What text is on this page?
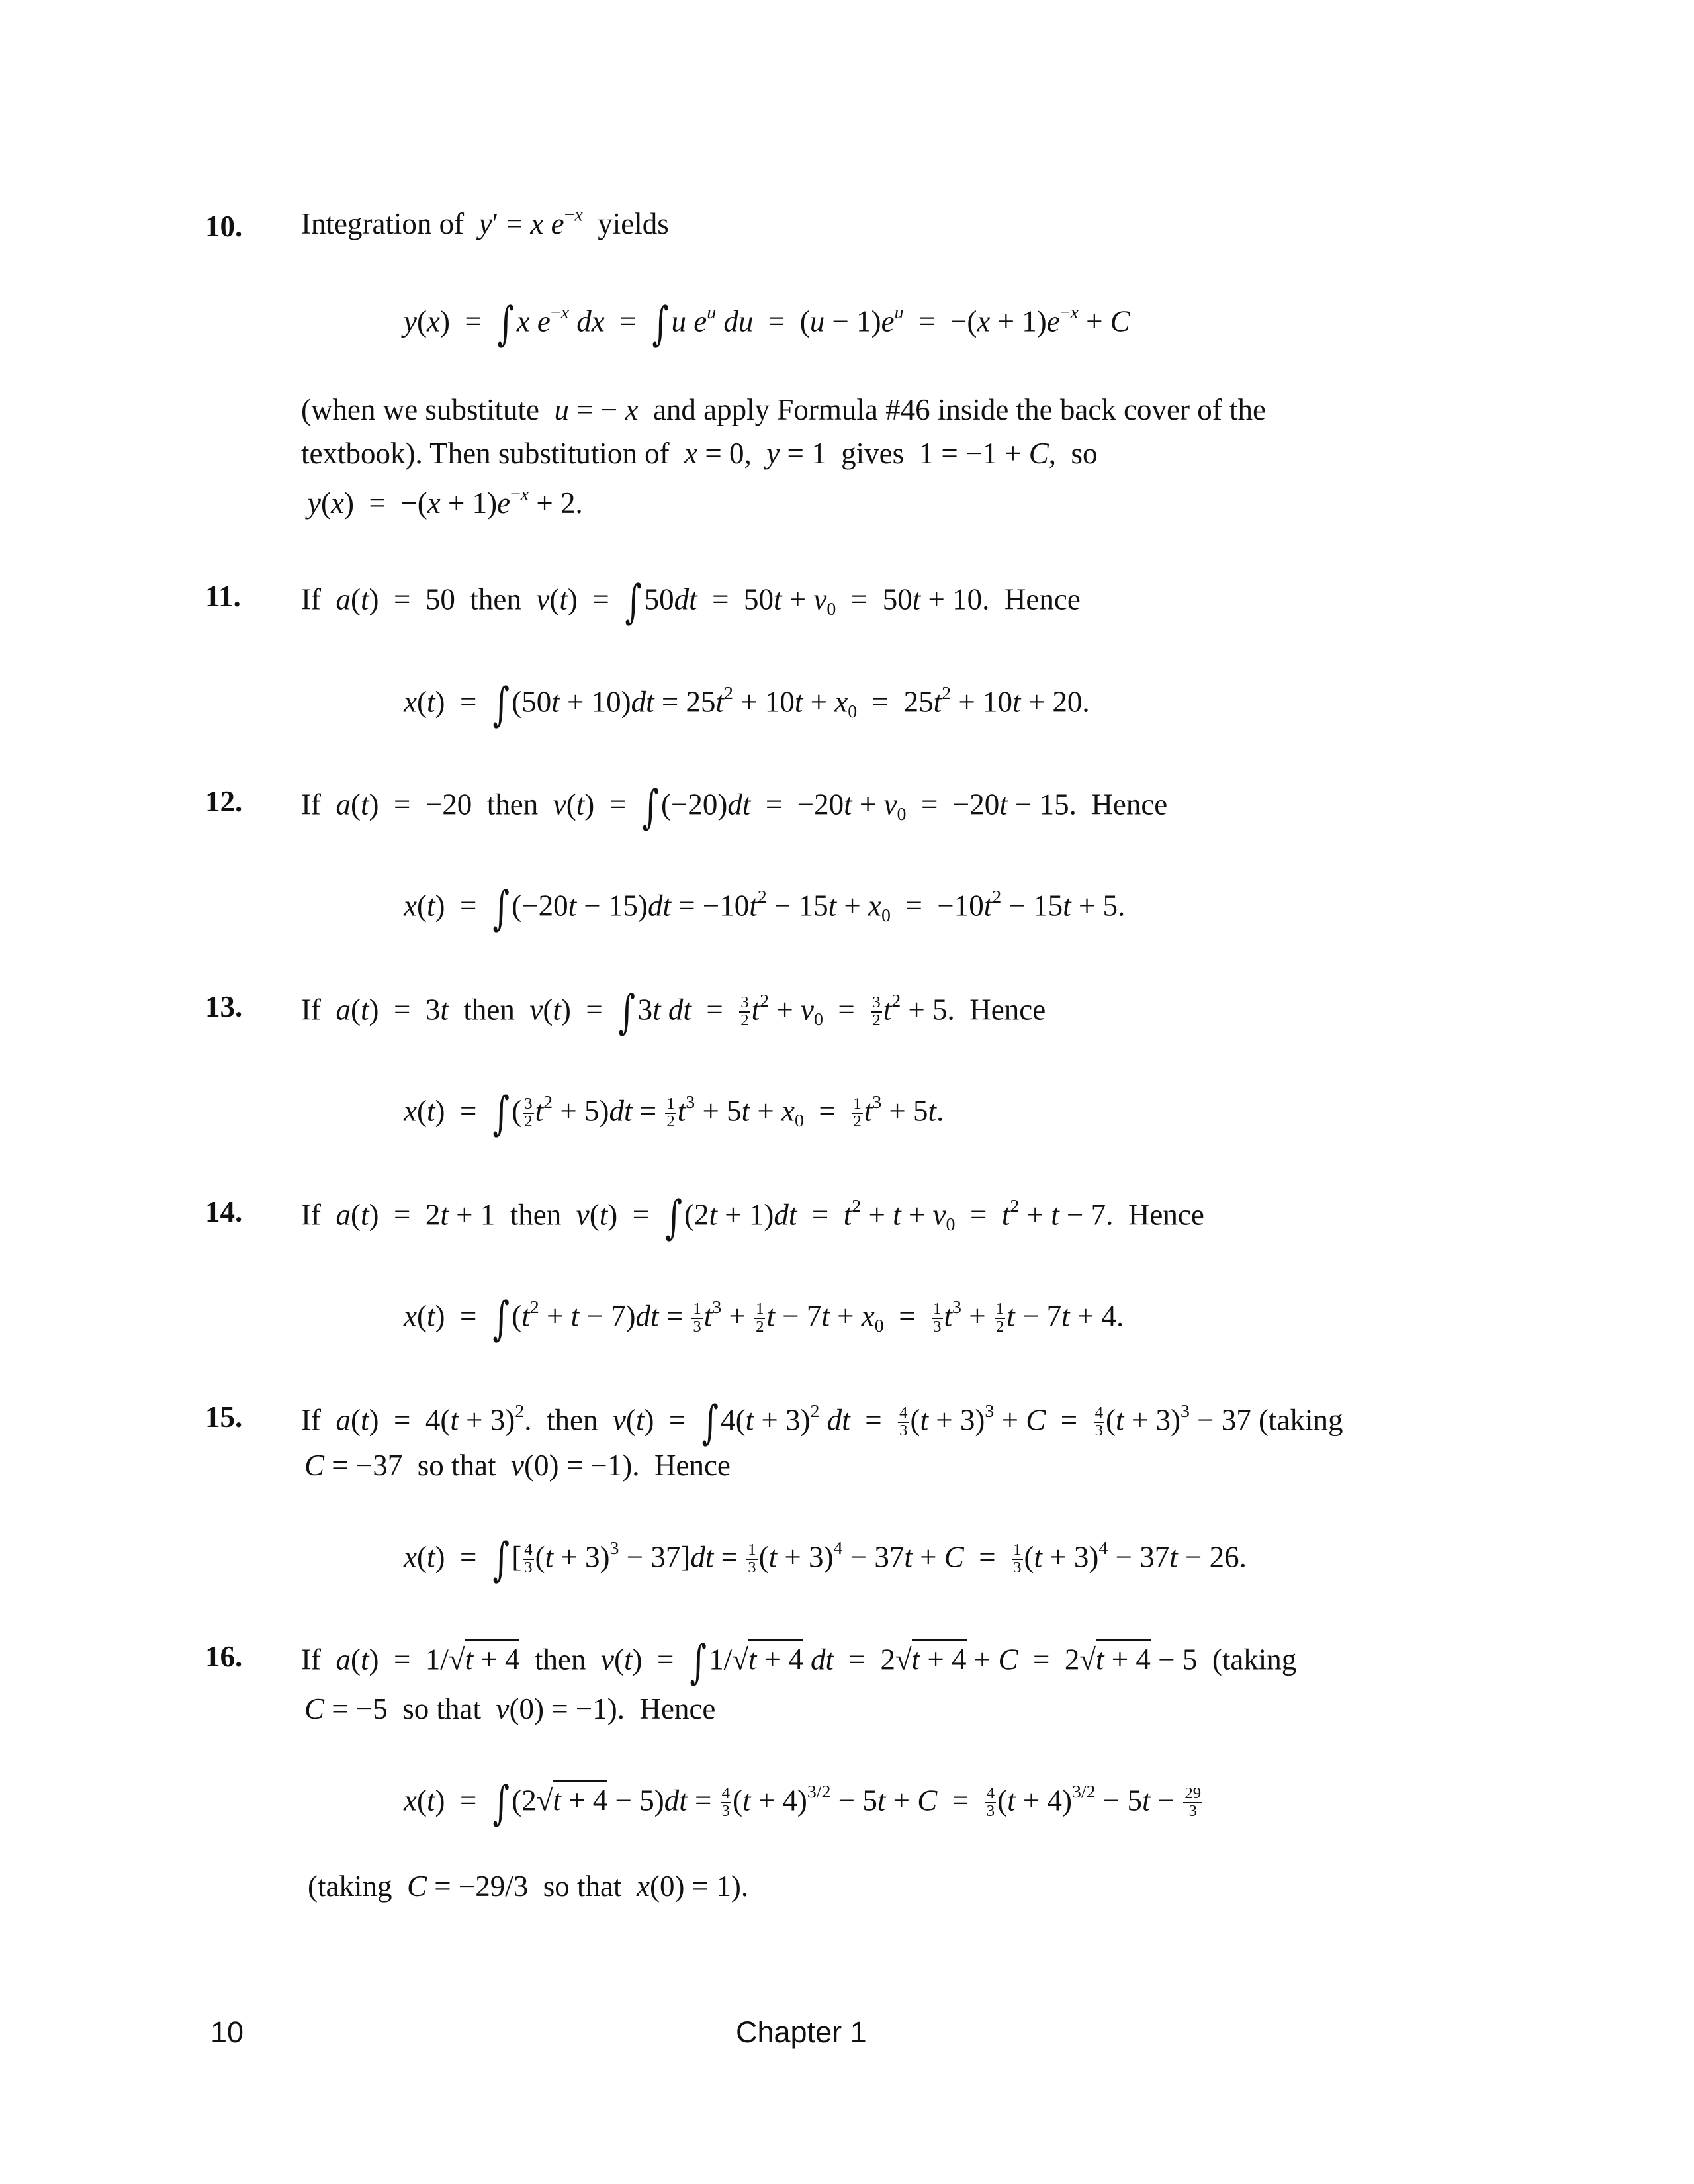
10. Integration of y′ = x $e^{-x}$ yields
y(x)  =  ∫x $e^{-x}$ dx  =  ∫u $e^u$ du  =  $(u - 1)e^u = -(x + 1)e^{-x} + C$
(when we substitute u = − x and apply Formula #46 inside the back cover of the
textbook). Then substitution of x = 0,  y = 1  gives  1 = −1 + C,  so
$y(x) = -(x + 1)e^{-x} + 2$.
11. If a(t)  =  50  then $v(t) = \int 50dt = 50t + v_0 = 50t + 10$.  Hence
$x(t) = \int(50t + 10)dt = 25t^2 + 10t + x_0 = 25t^2 + 10t + 20$.
12. If a(t)  =  −20  then $v(t) = \int(-20)dt = -20t + v_0 = -20t - 15$.  Hence
$x(t) = \int(-20t - 15)dt = -10t^2 - 15t + x_0 = -10t^2 - 15t + 5$.
13. If a(t)  =  3t then v(t)  =  ∫3t dt  = $\frac{3}{2} t^2 + v_0 = \frac{3}{2} t^2 + 5$.  Hence
x(t)  =  ∫( $\frac{3}{2} t^2 + 5)dt = \frac{1}{2} t^3 + 5t + x_0 = \frac{1}{2} t^3 + 5t$.
14. If a(t)  =  2t + 1  then $v(t) = \int(2t + 1)dt = t^2 + t + v_0 = t^2 + t - 7$.  Hence
$x(t) = \int(t^2 + t - 7)dt = \frac{1}{3} t^3 + \frac{1}{2}$ $t - 7t + x_0 = \frac{1}{3} t^3 + \frac{1}{2}$ t − 7t + 4.
15. If $a(t) = 4(t + 3)^2$.  then $v(t) = \int 4(t + 3)^2$ dt  = $\frac{4}{3} (t + 3)^3 + C = \frac{4}{3} (t + 3)^3 - 37$ (taking
C = −37  so that v(0) = −1).  Hence
x(t)  =  ∫[ $\frac{4}{3} (t + 3)^3 - 37]dt = \frac{1}{3} (t + 3)^4 - 37t + C = \frac{1}{3} (t + 3)^4 - 37t - 26$.
16. If a(t)  =  1/√t + 4 then v(t)  =  ∫1/√t + 4 dt  =  2√t + 4 + C  =  2√t + 4 − 5  (taking
C = −5  so that v(0) = −1).  Hence
$x(t) = \int(2√t + 4 - 5)dt = \frac{4}{3} (t + 4)^{3/2} - 5t + C = \frac{4}{3} (t + 4)^{3/2} - 5t - \frac{29}{3}$
(taking C = −29/3  so that x(0) = 1).
10	Chapter 1
